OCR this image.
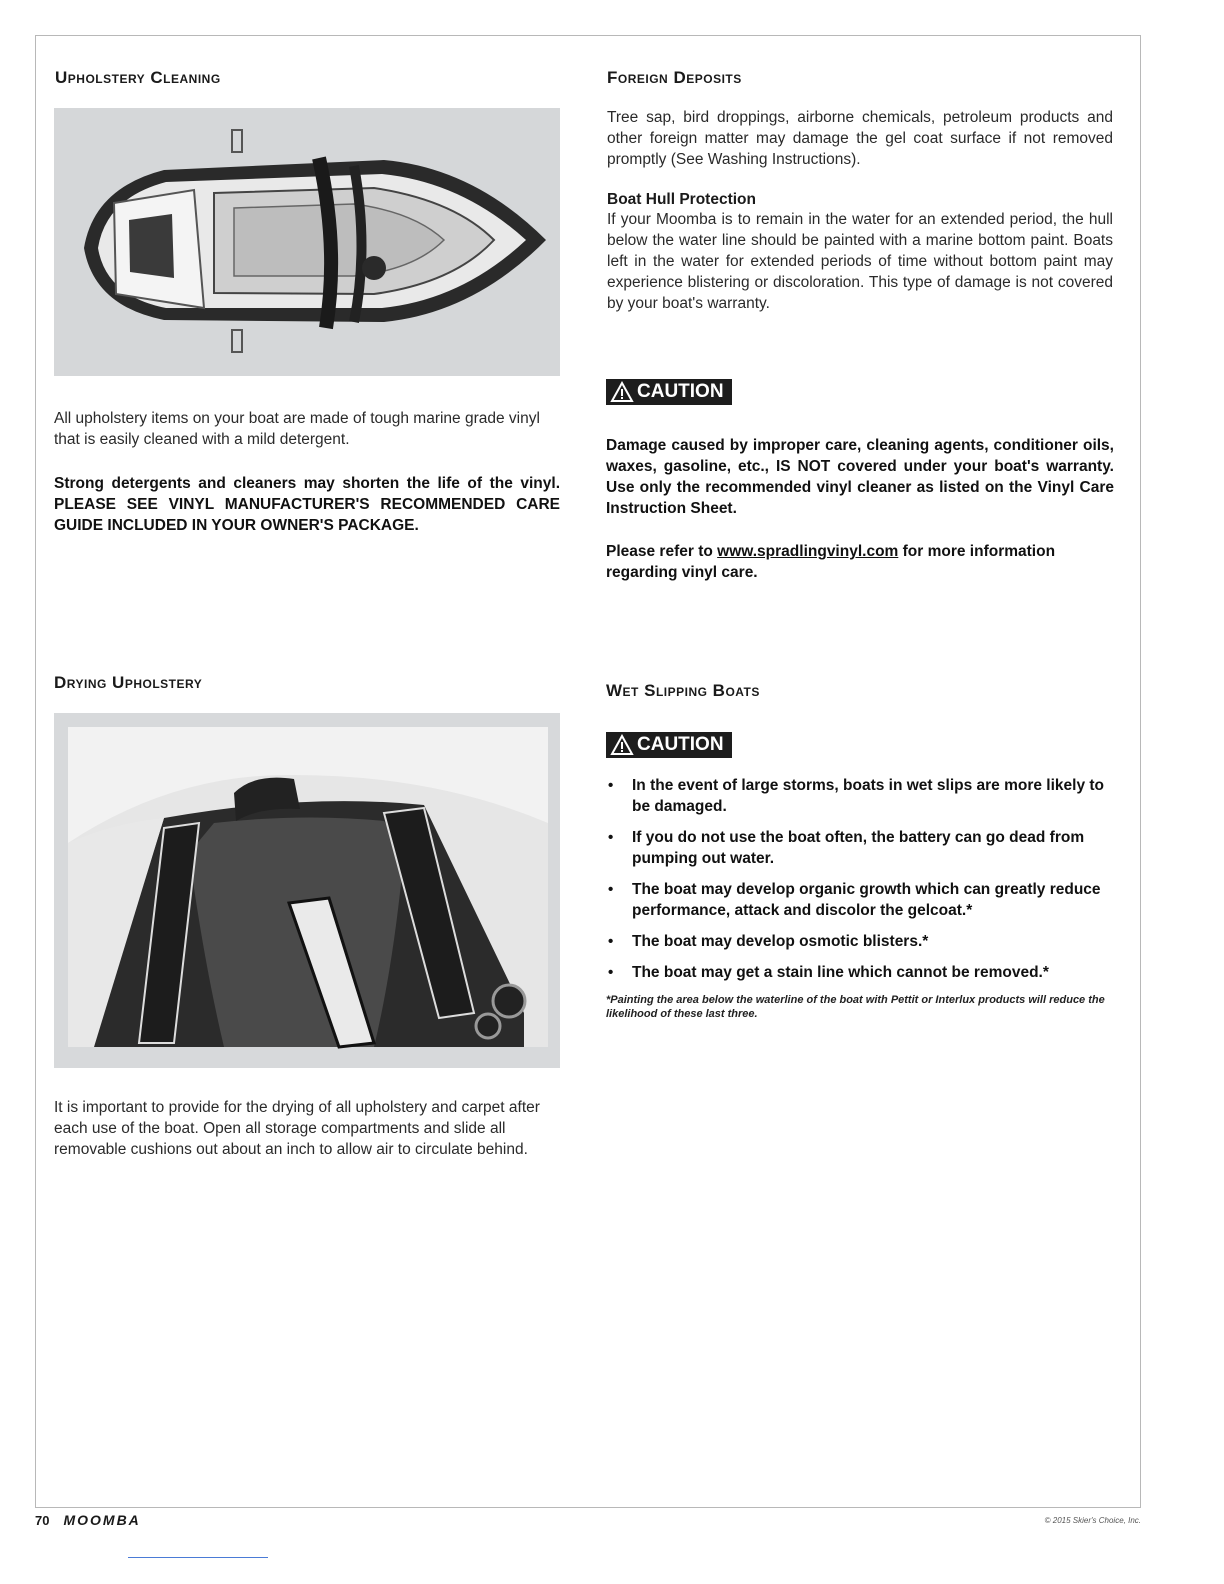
Upholstery Cleaning

All upholstery items on your boat are made of tough marine grade vinyl that is easily cleaned with a mild detergent.

Strong detergents and cleaners may shorten the life of the vinyl. PLEASE SEE VINYL MANUFACTURER'S RECOMMENDED CARE GUIDE INCLUDED IN YOUR OWNER'S PACKAGE.

Drying Upholstery

It is important to provide for the drying of all upholstery and carpet after each use of the boat. Open all storage compartments and slide all removable cushions out about an inch to allow air to circulate behind.

Foreign Deposits

Tree sap, bird droppings, airborne chemicals, petroleum products and other foreign matter may damage the gel coat surface if not removed promptly (See Washing Instructions).

Boat Hull Protection

If your Moomba is to remain in the water for an extended period, the hull below the water line should be painted with a marine bottom paint. Boats left in the water for extended periods of time without bottom paint may experience blistering or discoloration. This type of damage is not covered by your boat's warranty.

CAUTION

Damage caused by improper care, cleaning agents, conditioner oils, waxes, gasoline, etc., IS NOT covered under your boat's warranty. Use only the recommended vinyl cleaner as listed on the Vinyl Care Instruction Sheet.

Please refer to www.spradlingvinyl.com for more information regarding vinyl care.

Wet Slipping Boats
CAUTION
• In the event of large storms, boats in wet slips are more likely to be damaged.
• If you do not use the boat often, the battery can go dead from pumping out water.
• The boat may develop organic growth which can greatly reduce performance, attack and discolor the gelcoat.*
• The boat may develop osmotic blisters.*
• The boat may get a stain line which cannot be removed.*

*Painting the area below the waterline of the boat with Pettit or Interlux products will reduce the likelihood of these last three.

70 MOOMBA	© 2015 Skier's Choice, Inc.
